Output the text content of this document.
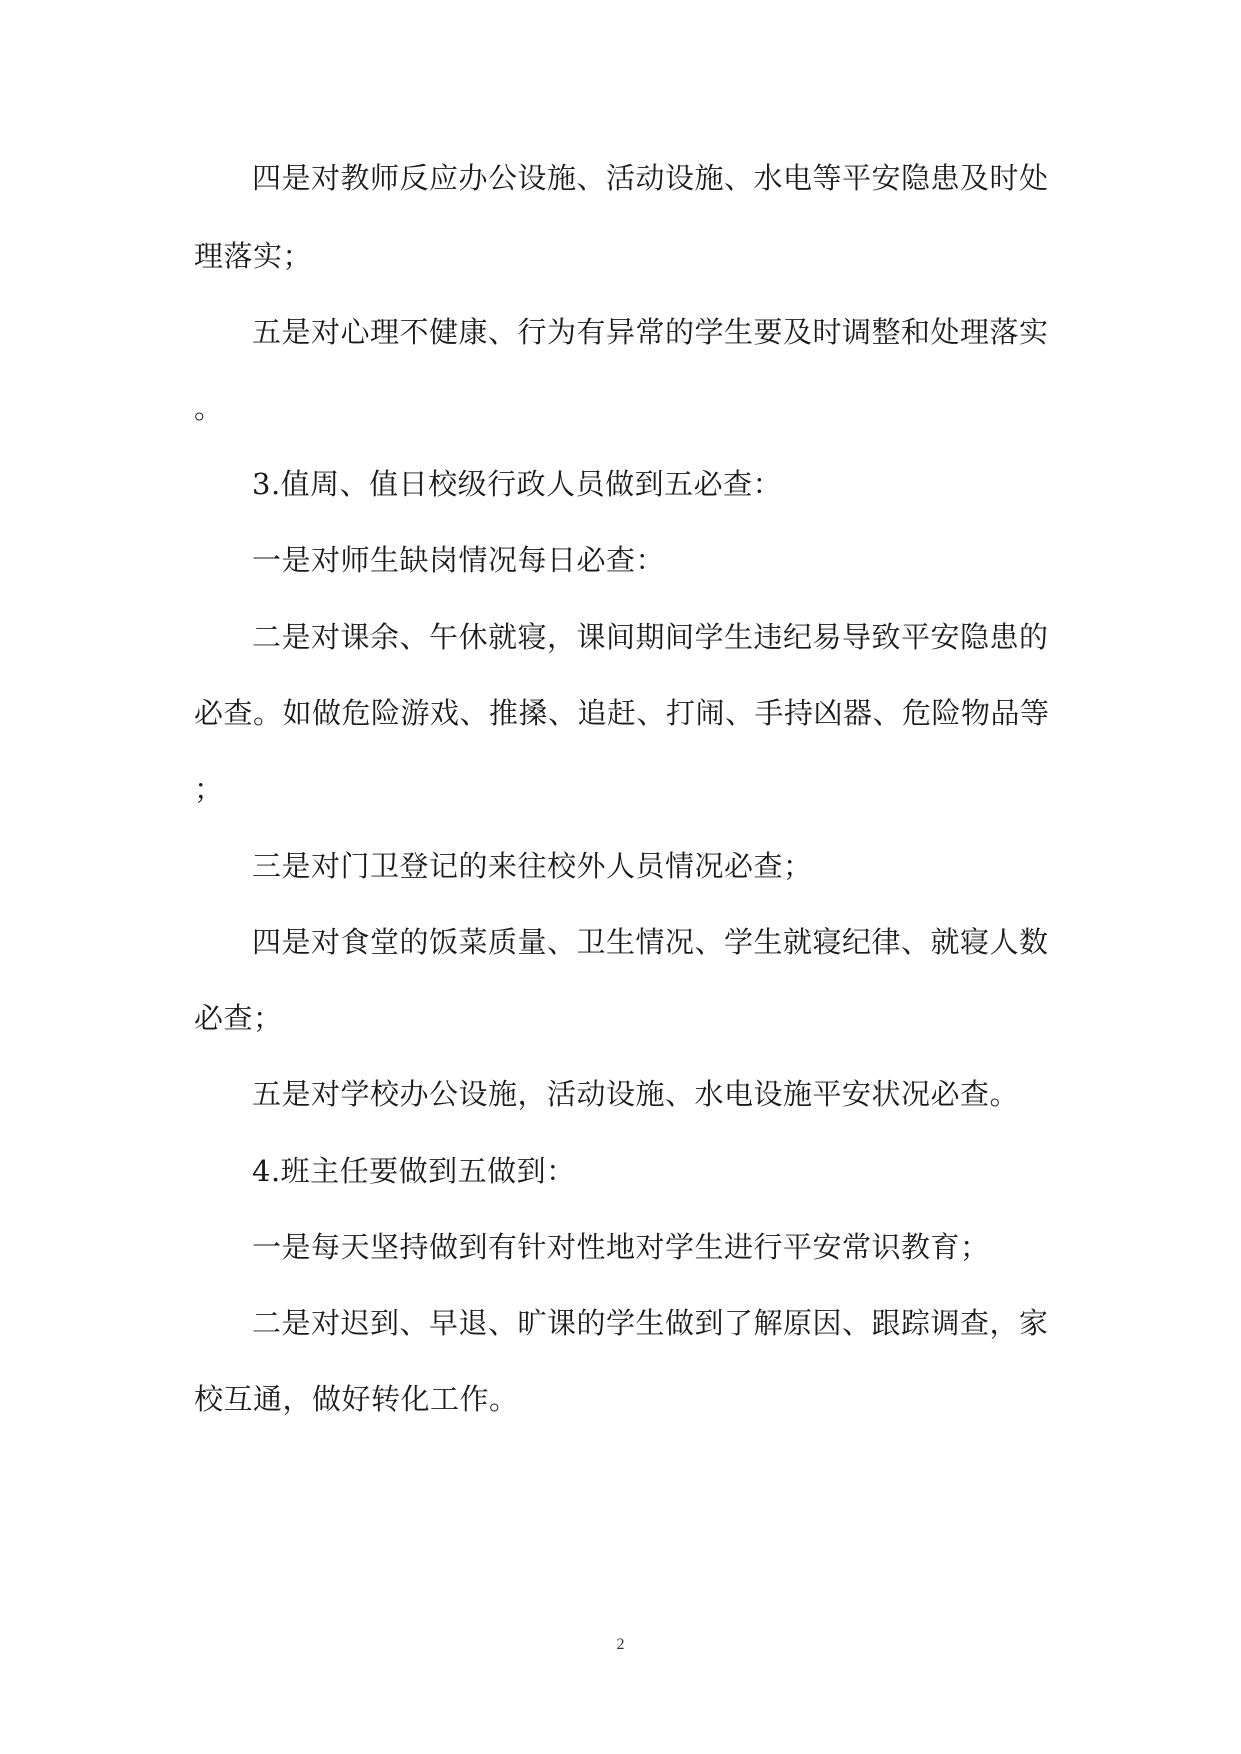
四是对教师反应办公设施、活动设施、水电等平安隐患及时处
理落实；
五是对心理不健康、行为有异常的学生要及时调整和处理落实
。
3.值周、值日校级行政人员做到五必查：
一是对师生缺岗情况每日必查：
二是对课余、午休就寝，课间期间学生违纪易导致平安隐患的
必查。如做危险游戏、推搡、追赶、打闹、手持凶器、危险物品等
；
三是对门卫登记的来往校外人员情况必查；
四是对食堂的饭菜质量、卫生情况、学生就寝纪律、就寝人数
必查；
五是对学校办公设施，活动设施、水电设施平安状况必查。
4.班主任要做到五做到：
一是每天坚持做到有针对性地对学生进行平安常识教育；
二是对迟到、早退、旷课的学生做到了解原因、跟踪调查，家
校互通，做好转化工作。
2
